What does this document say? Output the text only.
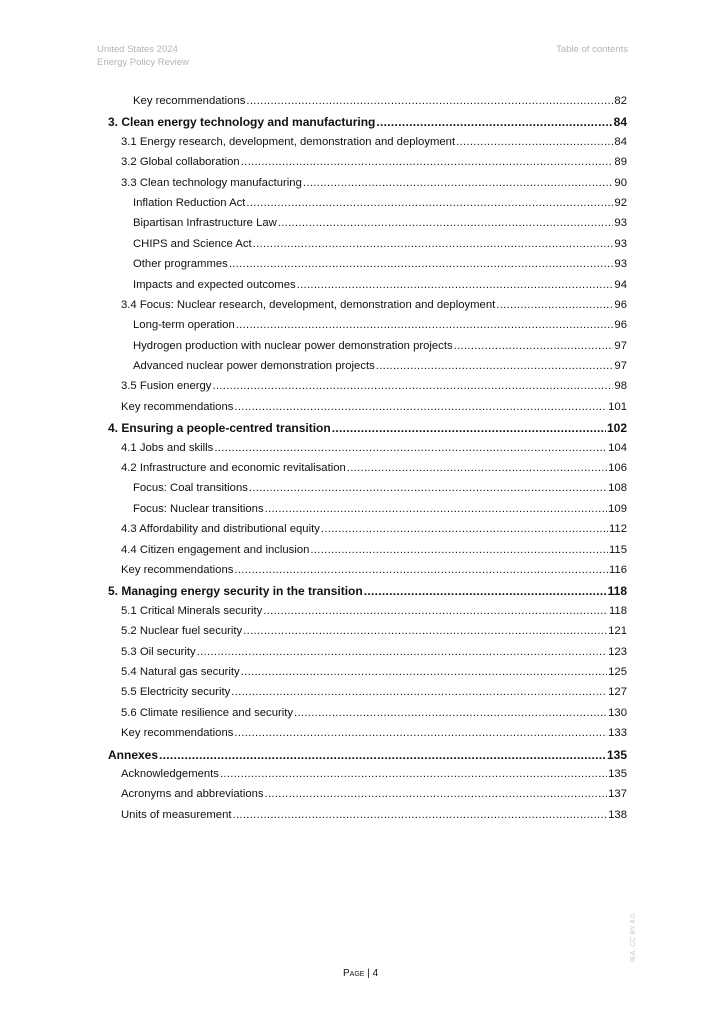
United States 2024
Energy Policy Review
Table of contents
Key recommendations .....	82
3. Clean energy technology and manufacturing .....	84
3.1 Energy research, development, demonstration and deployment .....	84
3.2 Global collaboration .....	89
3.3 Clean technology manufacturing .....	90
Inflation Reduction Act .....	92
Bipartisan Infrastructure Law .....	93
CHIPS and Science Act .....	93
Other programmes .....	93
Impacts and expected outcomes .....	94
3.4 Focus: Nuclear research, development, demonstration and deployment .....	96
Long-term operation .....	96
Hydrogen production with nuclear power demonstration projects .....	97
Advanced nuclear power demonstration projects .....	97
3.5 Fusion energy .....	98
Key recommendations .....	101
4. Ensuring a people-centred transition .....	102
4.1 Jobs and skills .....	104
4.2 Infrastructure and economic revitalisation .....	106
Focus: Coal transitions .....	108
Focus: Nuclear transitions .....	109
4.3 Affordability and distributional equity .....	112
4.4 Citizen engagement and inclusion .....	115
Key recommendations .....	116
5. Managing energy security in the transition .....	118
5.1 Critical Minerals security .....	118
5.2 Nuclear fuel security .....	121
5.3 Oil security .....	123
5.4 Natural gas security .....	125
5.5 Electricity security .....	127
5.6 Climate resilience and security .....	130
Key recommendations .....	133
Annexes .....	135
Acknowledgements .....	135
Acronyms and abbreviations .....	137
Units of measurement .....	138
Page | 4
IEA. CC BY 4.0.
